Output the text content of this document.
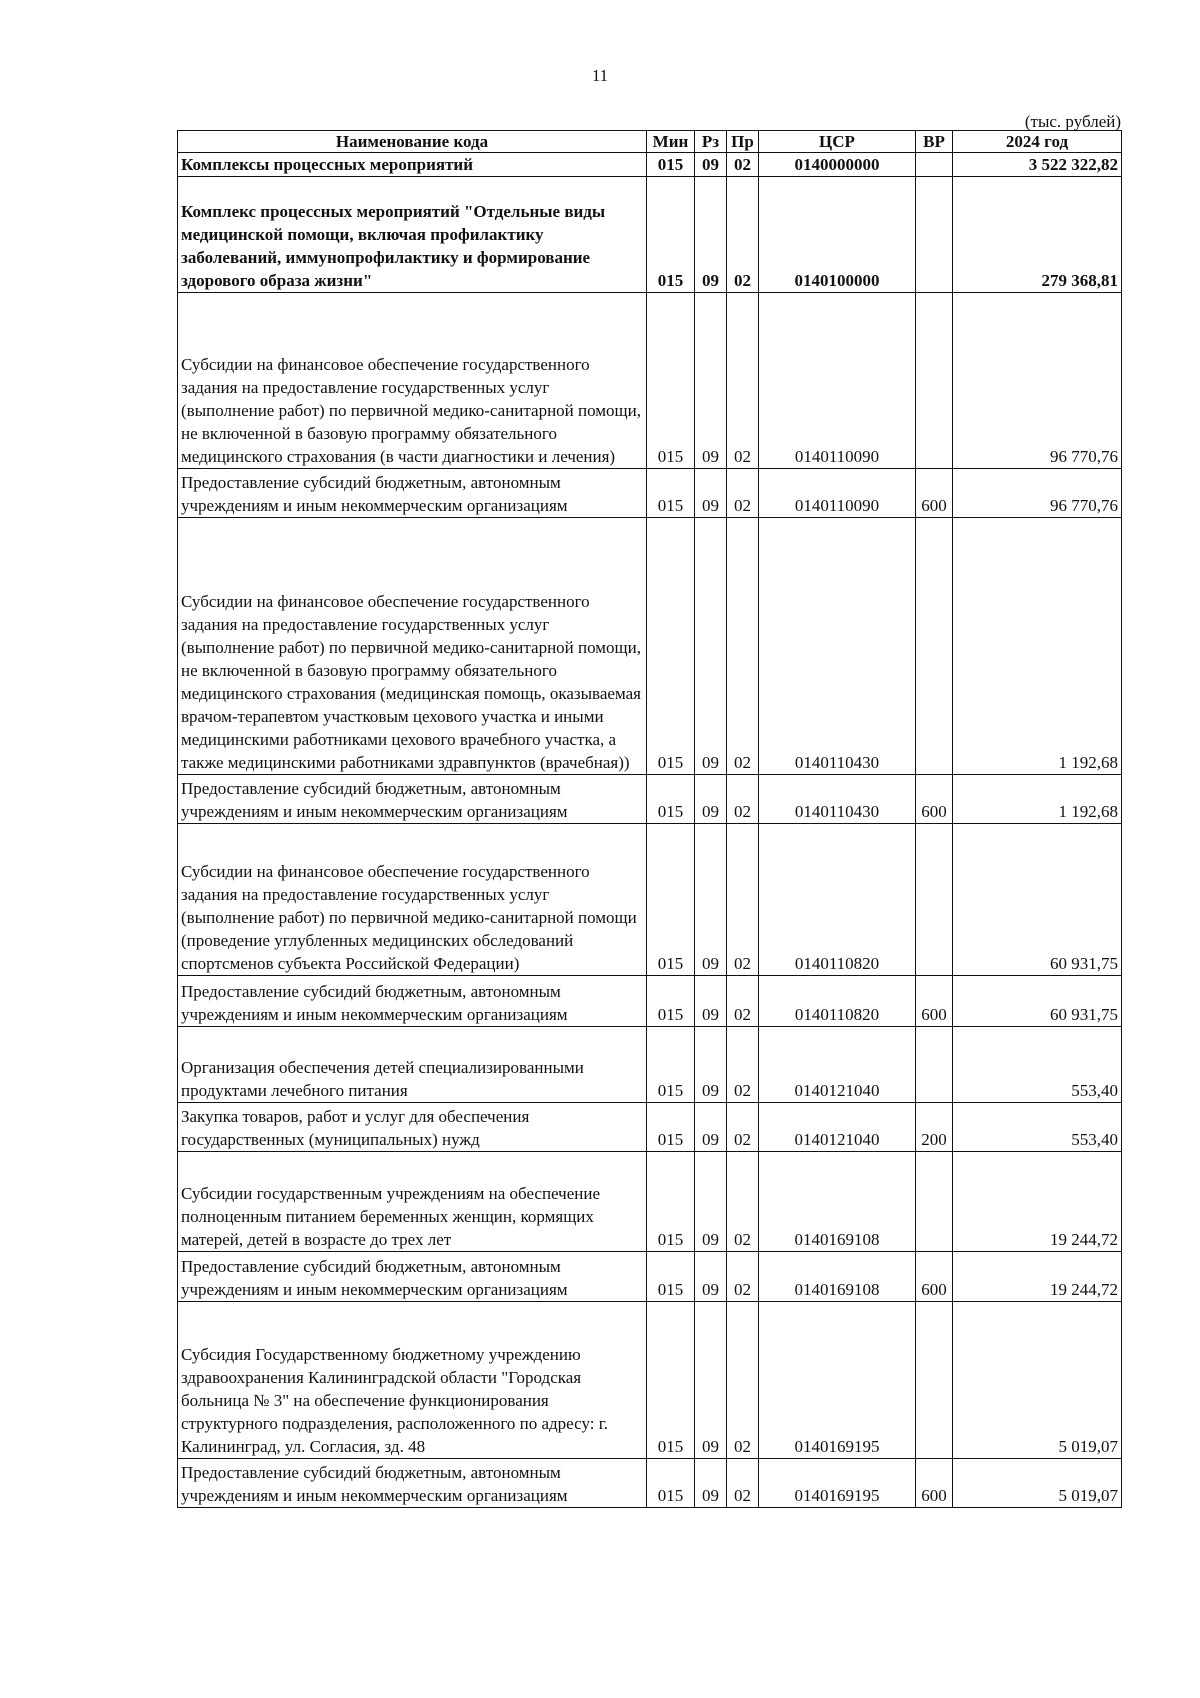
11
(тыс. рублей)
Наименование кода	Мин	Рз	Пр	ЦСР	ВР	2024 год
Комплексы процессных мероприятий	015	09	02	0140000000		3 522 322,82
Комплекс процессных мероприятий "Отдельные виды медицинской помощи, включая профилактику заболеваний, иммунопрофилактику и формирование здорового образа жизни"	015	09	02	0140100000		279 368,81
Субсидии на финансовое обеспечение государственного задания на предоставление государственных услуг (выполнение работ) по первичной медико-санитарной помощи, не включенной в базовую программу обязательного медицинского страхования (в части диагностики и лечения)	015	09	02	0140110090		96 770,76
Предоставление субсидий бюджетным, автономным учреждениям и иным некоммерческим организациям	015	09	02	0140110090	600	96 770,76
Субсидии на финансовое обеспечение государственного задания на предоставление государственных услуг (выполнение работ) по первичной медико-санитарной помощи, не включенной в базовую программу обязательного медицинского страхования (медицинская помощь, оказываемая врачом-терапевтом участковым цехового участка и иными медицинскими работниками цехового врачебного участка, а также медицинскими работниками здравпунктов (врачебная))	015	09	02	0140110430		1 192,68
Предоставление субсидий бюджетным, автономным учреждениям и иным некоммерческим организациям	015	09	02	0140110430	600	1 192,68
Субсидии на финансовое обеспечение государственного задания на предоставление государственных услуг (выполнение работ) по первичной медико-санитарной помощи (проведение углубленных медицинских обследований спортсменов субъекта Российской Федерации)	015	09	02	0140110820		60 931,75
Предоставление субсидий бюджетным, автономным учреждениям и иным некоммерческим организациям	015	09	02	0140110820	600	60 931,75
Организация обеспечения детей специализированными продуктами лечебного питания	015	09	02	0140121040		553,40
Закупка товаров, работ и услуг для обеспечения государственных (муниципальных) нужд	015	09	02	0140121040	200	553,40
Субсидии государственным учреждениям на обеспечение полноценным питанием беременных женщин, кормящих матерей, детей в возрасте до трех лет	015	09	02	0140169108		19 244,72
Предоставление субсидий бюджетным, автономным учреждениям и иным некоммерческим организациям	015	09	02	0140169108	600	19 244,72
Субсидия Государственному бюджетному учреждению здравоохранения Калининградской области "Городская больница № 3" на обеспечение функционирования структурного подразделения, расположенного по адресу: г. Калининград, ул. Согласия, зд. 48	015	09	02	0140169195		5 019,07
Предоставление субсидий бюджетным, автономным учреждениям и иным некоммерческим организациям	015	09	02	0140169195	600	5 019,07
